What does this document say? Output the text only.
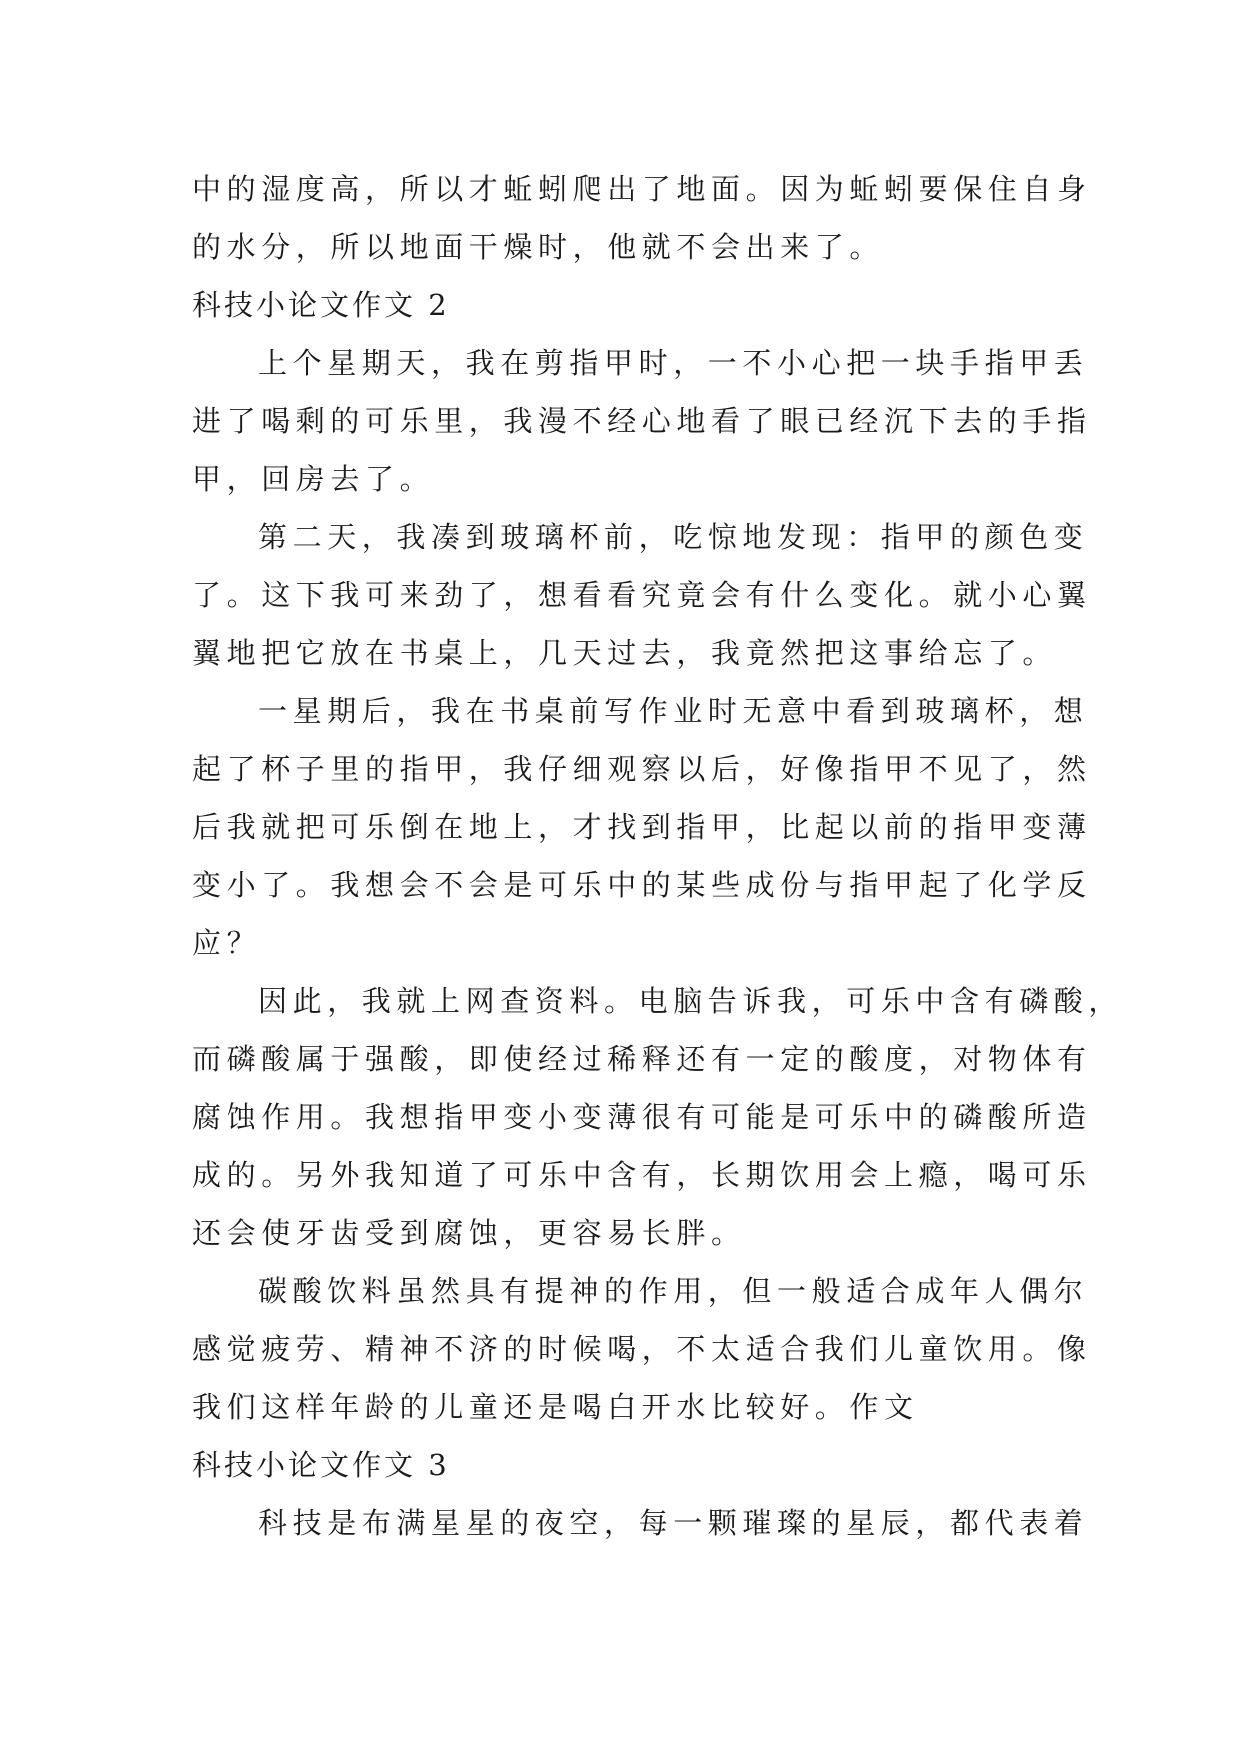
中的湿度高，所以才蚯蚓爬出了地面。因为蚯蚓要保住自身
的水分，所以地面干燥时，他就不会出来了。
科技小论文作文 2
上个星期天，我在剪指甲时，一不小心把一块手指甲丢
进了喝剩的可乐里，我漫不经心地看了眼已经沉下去的手指
甲，回房去了。
第二天，我凑到玻璃杯前，吃惊地发现：指甲的颜色变
了。这下我可来劲了，想看看究竟会有什么变化。就小心翼
翼地把它放在书桌上，几天过去，我竟然把这事给忘了。
一星期后，我在书桌前写作业时无意中看到玻璃杯，想
起了杯子里的指甲，我仔细观察以后，好像指甲不见了，然
后我就把可乐倒在地上，才找到指甲，比起以前的指甲变薄
变小了。我想会不会是可乐中的某些成份与指甲起了化学反
应？
因此，我就上网查资料。电脑告诉我，可乐中含有磷酸，
而磷酸属于强酸，即使经过稀释还有一定的酸度，对物体有
腐蚀作用。我想指甲变小变薄很有可能是可乐中的磷酸所造
成的。另外我知道了可乐中含有，长期饮用会上瘾，喝可乐
还会使牙齿受到腐蚀，更容易长胖。
碳酸饮料虽然具有提神的作用，但一般适合成年人偶尔
感觉疲劳、精神不济的时候喝，不太适合我们儿童饮用。像
我们这样年龄的儿童还是喝白开水比较好。作文
科技小论文作文 3
科技是布满星星的夜空，每一颗璀璨的星辰，都代表着
